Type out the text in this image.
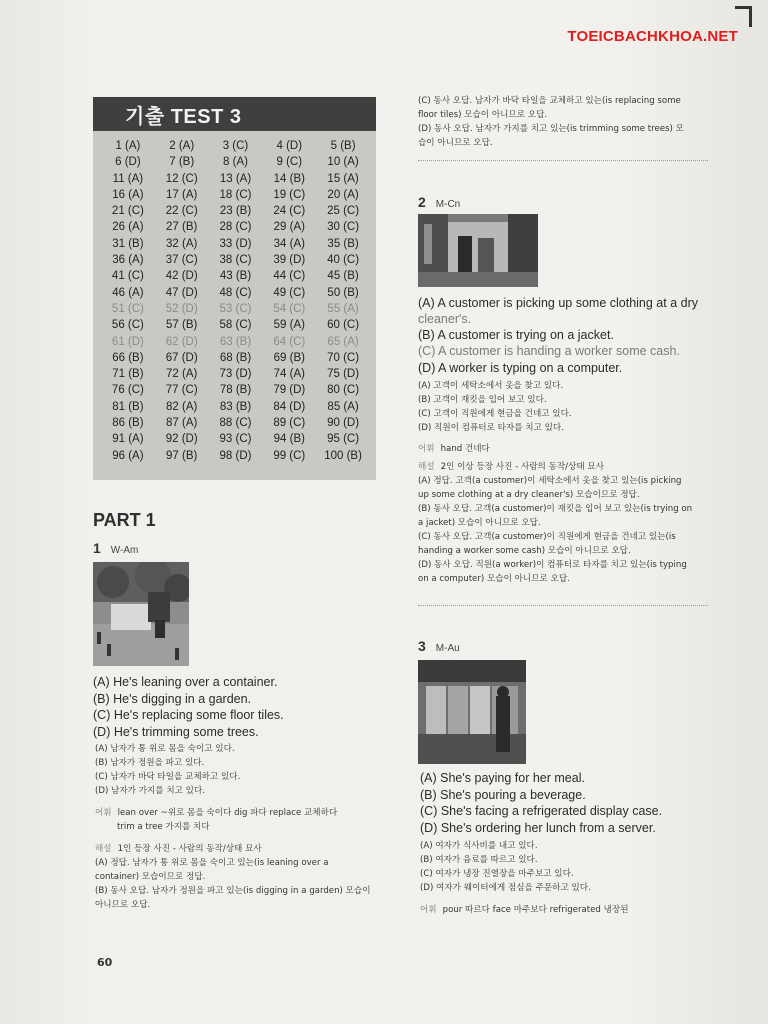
TOEICBACHKHOA.NET
기출 TEST 3
1 (A)	2 (A)	3 (C)	4 (D)	5 (B)
6 (D)	7 (B)	8 (A)	9 (C)	10 (A)
11 (A)	12 (C)	13 (A)	14 (B)	15 (A)
16 (A)	17 (A)	18 (C)	19 (C)	20 (A)
21 (C)	22 (C)	23 (B)	24 (C)	25 (C)
26 (A)	27 (B)	28 (C)	29 (A)	30 (C)
31 (B)	32 (A)	33 (D)	34 (A)	35 (B)
36 (A)	37 (C)	38 (C)	39 (D)	40 (C)
41 (C)	42 (D)	43 (B)	44 (C)	45 (B)
46 (A)	47 (D)	48 (C)	49 (C)	50 (B)
51 (C)	52 (D)	53 (C)	54 (C)	55 (A)
56 (C)	57 (B)	58 (C)	59 (A)	60 (C)
61 (D)	62 (D)	63 (B)	64 (C)	65 (A)
66 (B)	67 (D)	68 (B)	69 (B)	70 (C)
71 (B)	72 (A)	73 (D)	74 (A)	75 (D)
76 (C)	77 (C)	78 (B)	79 (D)	80 (C)
81 (B)	82 (A)	83 (B)	84 (D)	85 (A)
86 (B)	87 (A)	88 (C)	89 (C)	90 (D)
91 (A)	92 (D)	93 (C)	94 (B)	95 (C)
96 (A)	97 (B)	98 (D)	99 (C)	100 (B)
PART 1
1 W-Am
(A) He's leaning over a container.
(B) He's digging in a garden.
(C) He's replacing some floor tiles.
(D) He's trimming some trees.
(A) 남자가 통 위로 몸을 숙이고 있다.
(B) 남자가 정원을 파고 있다.
(C) 남자가 바닥 타일을 교체하고 있다.
(D) 남자가 가지를 치고 있다.
어휘 lean over ~위로 몸을 숙이다 dig 파다 replace 교체하다
trim a tree 가지를 치다
해설 1인 등장 사진 - 사람의 동작/상태 묘사
(A) 정답. 남자가 통 위로 몸을 숙이고 있는(is leaning over a
container) 모습이므로 정답.
(B) 동사 오답. 남자가 정원을 파고 있는(is digging in a garden) 모습이
아니므로 오답.
(C) 동사 오답. 남자가 바닥 타일을 교체하고 있는(is replacing some
floor tiles) 모습이 아니므로 오답.
(D) 동사 오답. 남자가 가지를 치고 있는(is trimming some trees) 모
습이 아니므로 오답.
2 M-Cn
(A) A customer is picking up some clothing at a dry
cleaner's.
(B) A customer is trying on a jacket.
(C) A customer is handing a worker some cash.
(D) A worker is typing on a computer.
(A) 고객이 세탁소에서 옷을 찾고 있다.
(B) 고객이 재킷을 입어 보고 있다.
(C) 고객이 직원에게 현금을 건네고 있다.
(D) 직원이 컴퓨터로 타자를 치고 있다.
어휘 hand 건네다
해설 2인 이상 등장 사진 - 사람의 동작/상태 묘사
(A) 정답. 고객(a customer)이 세탁소에서 옷을 찾고 있는(is picking
up some clothing at a dry cleaner's) 모습이므로 정답.
(B) 동사 오답. 고객(a customer)이 재킷을 입어 보고 있는(is trying on
a jacket) 모습이 아니므로 오답.
(C) 동사 오답. 고객(a customer)이 직원에게 현금을 건네고 있는(is
handing a worker some cash) 모습이 아니므로 오답.
(D) 동사 오답. 직원(a worker)이 컴퓨터로 타자를 치고 있는(is typing
on a computer) 모습이 아니므로 오답.
3 M-Au
(A) She's paying for her meal.
(B) She's pouring a beverage.
(C) She's facing a refrigerated display case.
(D) She's ordering her lunch from a server.
(A) 여자가 식사비를 내고 있다.
(B) 여자가 음료를 따르고 있다.
(C) 여자가 냉장 진열장을 마주보고 있다.
(D) 여자가 웨이터에게 점심을 주문하고 있다.
어휘 pour 따르다 face 마주보다 refrigerated 냉장된
60
